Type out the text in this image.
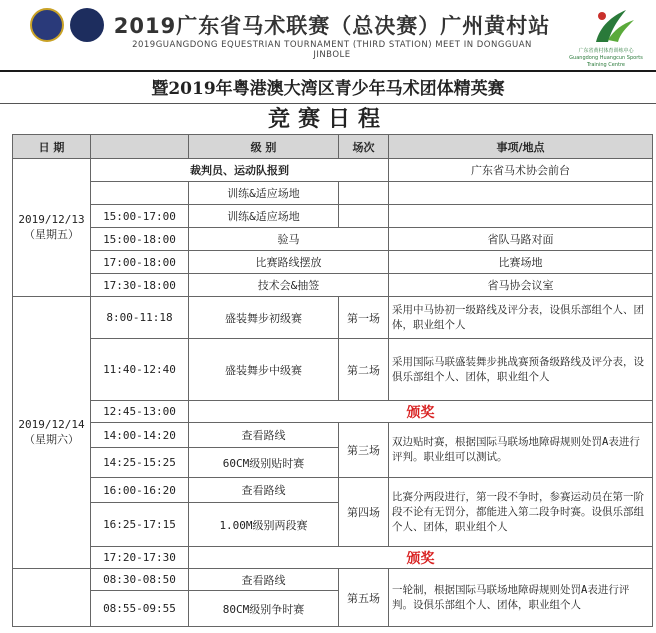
2019广东省马术联赛（总决赛）广州黄村站
2019GUANGDONG EQUESTRIAN TOURNAMENT (THIRD STATION) MEET IN DONGGUAN JINBOLE	广东省黄村体育训练中心
Guangdong Huangcun Sports Training Centre
暨2019年粤港澳大湾区青少年马术团体精英赛
竞赛日程
日 期		级 别	场次	事项/地点

2019/12/13
（星期五）	裁判员、运动队报到			广东省马术协会前台
		训练&适应场地		
	15:00-17:00	训练&适应场地		
	15:00-18:00	验马		省队马路对面
	17:00-18:00	比赛路线摆放		比赛场地
	17:30-18:00	技术会&抽签		省马协会议室

2019/12/14
（星期六）	8:00-11:18	盛装舞步初级赛	第一场	采用中马协初一级路线及评分表，设俱乐部组个人、团体，职业组个人
	11:40-12:40	盛装舞步中级赛	第二场	采用国际马联盛装舞步挑战赛预备级路线及评分表，设俱乐部组个人、团体，职业组个人
	12:45-13:00	颁奖		
	14:00-14:20	查看路线	第三场	双边贴时赛，根据国际马联场地障碍规则处罚A表进行评判。职业组可以测试。
	14:25-15:25	60CM级别贴时赛		
	16:00-16:20	查看路线	第四场	比赛分两段进行，第一段不争时，参赛运动员在第一阶段不论有无罚分，都能进入第二段争时赛。设俱乐部组个人、团体，职业组个人
	16:25-17:15	1.00M级别两段赛		
	17:20-17:30	颁奖		
	08:30-08:50	查看路线	第五场	一轮制，根据国际马联场地障碍规则处罚A表进行评判。设俱乐部组个人、团体，职业组个人
	08:55-09:55	80CM级别争时赛		
